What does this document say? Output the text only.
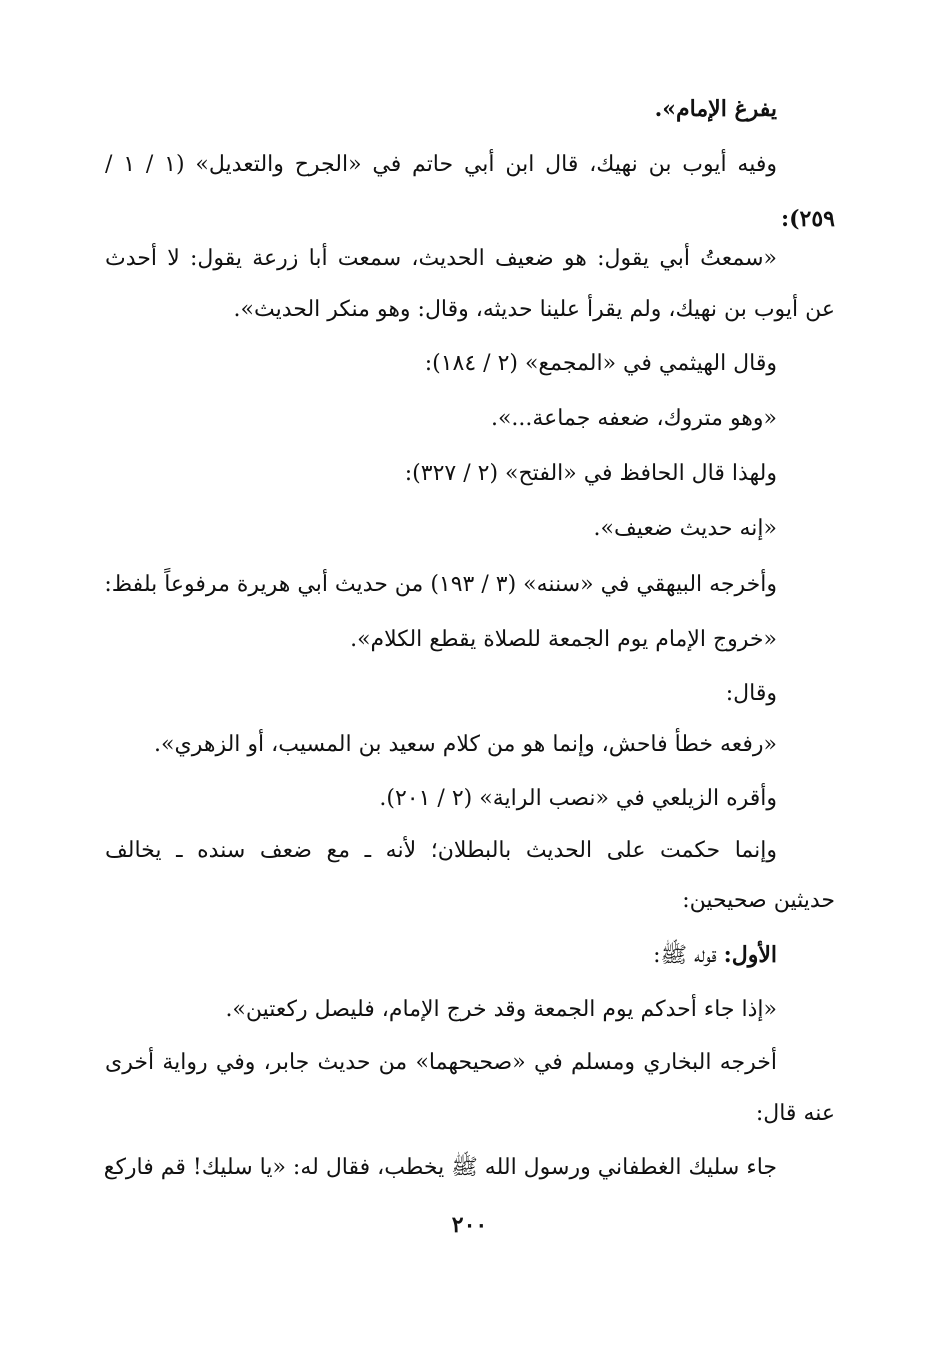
يفرغ الإمام».
وفيه أيوب بن نهيك، قال ابن أبي حاتم في «الجرح والتعديل» (١ / ١ /
٢٥٩):
«سمعتُ أبي يقول: هو ضعيف الحديث، سمعت أبا زرعة يقول: لا أحدث
عن أيوب بن نهيك، ولم يقرأ علينا حديثه، وقال: وهو منكر الحديث».
وقال الهيثمي في «المجمع» (٢ / ١٨٤):
«وهو متروك، ضعفه جماعة...».
ولهذا قال الحافظ في «الفتح» (٢ / ٣٢٧):
«إنه حديث ضعيف».
وأخرجه البيهقي في «سننه» (٣ / ١٩٣) من حديث أبي هريرة مرفوعاً بلفظ:
«خروج الإمام يوم الجمعة للصلاة يقطع الكلام».
وقال:
«رفعه خطأ فاحش، وإنما هو من كلام سعيد بن المسيب، أو الزهري».
وأقره الزيلعي في «نصب الراية» (٢ / ٢٠١).
وإنما حكمت على الحديث بالبطلان؛ لأنه ـ مع ضعف سنده ـ يخالف
حديثين صحيحين:
الأول: قوله ﷺ:
«إذا جاء أحدكم يوم الجمعة وقد خرج الإمام، فليصل ركعتين».
أخرجه البخاري ومسلم في «صحيحهما» من حديث جابر، وفي رواية أخرى
عنه قال:
جاء سليك الغطفاني ورسول الله ﷺ يخطب، فقال له: «يا سليك! قم فاركع
٢٠٠
